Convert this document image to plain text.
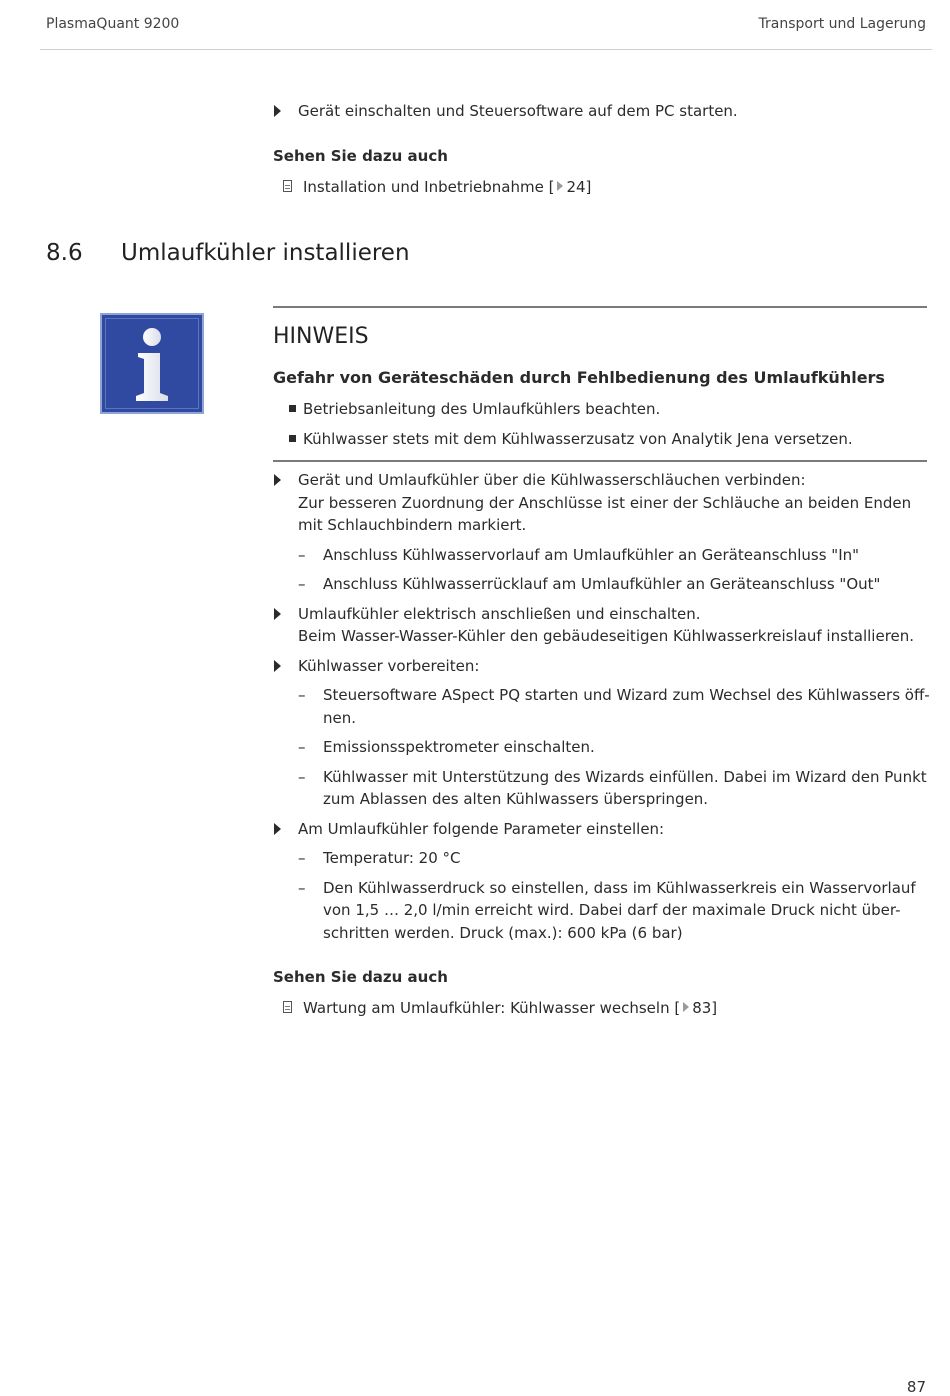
PlasmaQuant 9200	Transport und Lagerung

Gerät einschalten und Steuersoftware auf dem PC starten.

Sehen Sie dazu auch

Installation und Inbetriebnahme [ 24]

8.6 Umlaufkühler installieren
HINWEIS
Gefahr von Geräteschäden durch Fehlbedienung des Umlaufkühlers

Betriebsanleitung des Umlaufkühlers beachten.

Kühlwasser stets mit dem Kühlwasserzusatz von Analytik Jena versetzen.

Gerät und Umlaufkühler über die Kühlwasserschläuchen verbinden:
Zur besseren Zuordnung der Anschlüsse ist einer der Schläuche an beiden Enden mit Schlauchbindern markiert.

– Anschluss Kühlwasservorlauf am Umlaufkühler an Geräteanschluss "In"

– Anschluss Kühlwasserrücklauf am Umlaufkühler an Geräteanschluss "Out"

Umlaufkühler elektrisch anschließen und einschalten.
Beim Wasser-Wasser-Kühler den gebäudeseitigen Kühlwasserkreislauf installieren.

Kühlwasser vorbereiten:

– Steuersoftware ASpect PQ starten und Wizard zum Wechsel des Kühlwassers öff-nen.

– Emissionsspektrometer einschalten.

– Kühlwasser mit Unterstützung des Wizards einfüllen. Dabei im Wizard den Punkt zum Ablassen des alten Kühlwassers überspringen.

Am Umlaufkühler folgende Parameter einstellen:

– Temperatur: 20 °C

– Den Kühlwasserdruck so einstellen, dass im Kühlwasserkreis ein Wasservorlauf von 1,5 … 2,0 l/min erreicht wird. Dabei darf der maximale Druck nicht über-schritten werden. Druck (max.): 600 kPa (6 bar)

Sehen Sie dazu auch

Wartung am Umlaufkühler: Kühlwasser wechseln [ 83]

87
